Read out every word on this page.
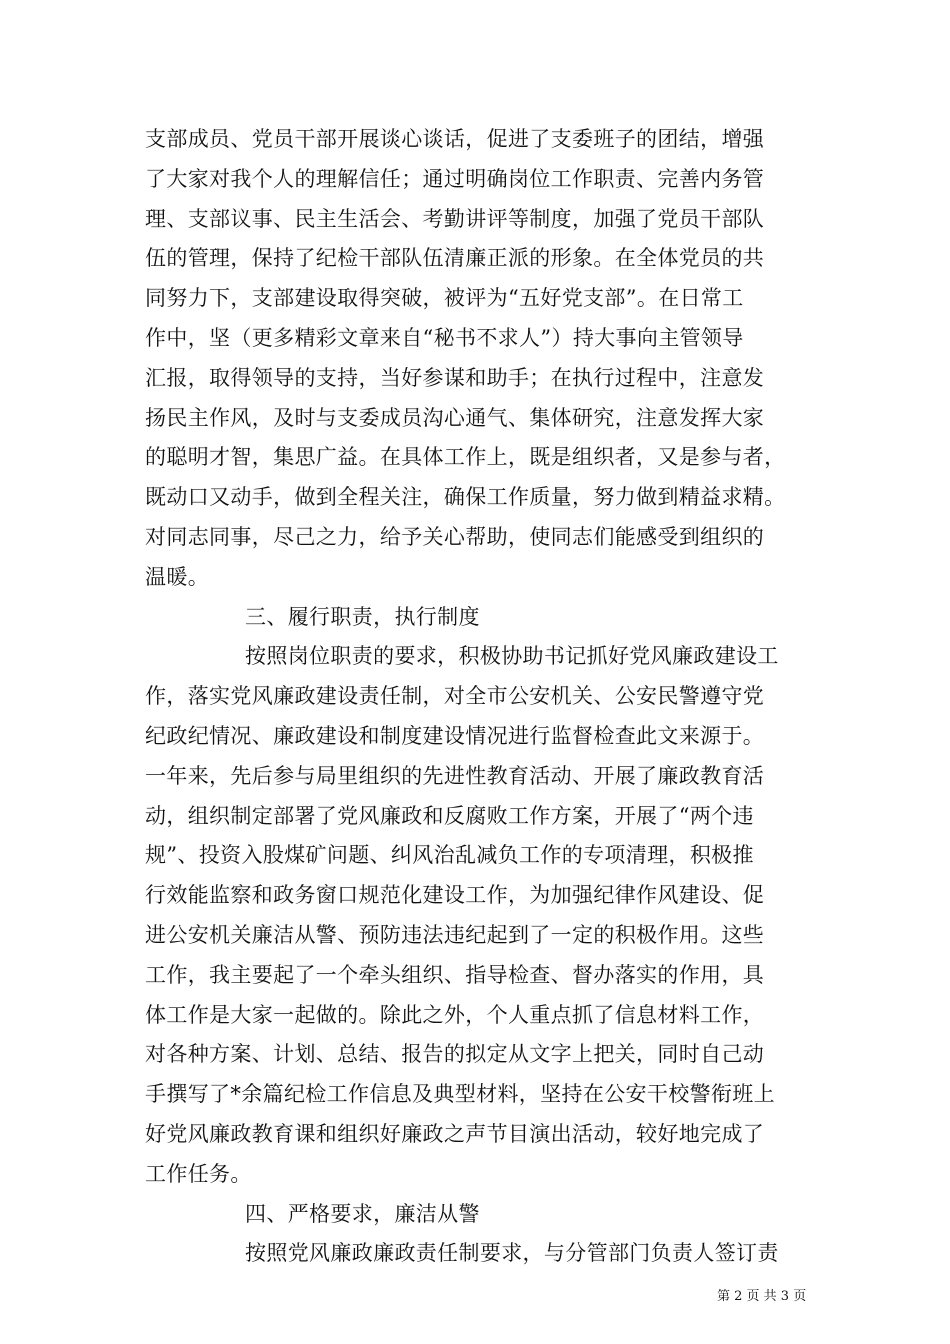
支部成员、党员干部开展谈心谈话，促进了支委班子的团结，增强
了大家对我个人的理解信任；通过明确岗位工作职责、完善内务管
理、支部议事、民主生活会、考勤讲评等制度，加强了党员干部队
伍的管理，保持了纪检干部队伍清廉正派的形象。在全体党员的共
同努力下，支部建设取得突破，被评为“五好党支部”。在日常工
作中，坚（更多精彩文章来自“秘书不求人”）持大事向主管领导
汇报，取得领导的支持，当好参谋和助手；在执行过程中，注意发
扬民主作风，及时与支委成员沟心通气、集体研究，注意发挥大家
的聪明才智，集思广益。在具体工作上，既是组织者，又是参与者，
既动口又动手，做到全程关注，确保工作质量，努力做到精益求精。
对同志同事，尽己之力，给予关心帮助，使同志们能感受到组织的
温暖。
三、履行职责，执行制度
按照岗位职责的要求，积极协助书记抓好党风廉政建设工
作，落实党风廉政建设责任制，对全市公安机关、公安民警遵守党
纪政纪情况、廉政建设和制度建设情况进行监督检查此文来源于。
一年来，先后参与局里组织的先进性教育活动、开展了廉政教育活
动，组织制定部署了党风廉政和反腐败工作方案，开展了“两个违
规”、投资入股煤矿问题、纠风治乱减负工作的专项清理，积极推
行效能监察和政务窗口规范化建设工作，为加强纪律作风建设、促
进公安机关廉洁从警、预防违法违纪起到了一定的积极作用。这些
工作，我主要起了一个牵头组织、指导检查、督办落实的作用，具
体工作是大家一起做的。除此之外，个人重点抓了信息材料工作，
对各种方案、计划、总结、报告的拟定从文字上把关，同时自己动
手撰写了*余篇纪检工作信息及典型材料，坚持在公安干校警衔班上
好党风廉政教育课和组织好廉政之声节目演出活动，较好地完成了
工作任务。
四、严格要求，廉洁从警
按照党风廉政廉政责任制要求，与分管部门负责人签订责
第 2 页 共 3 页
